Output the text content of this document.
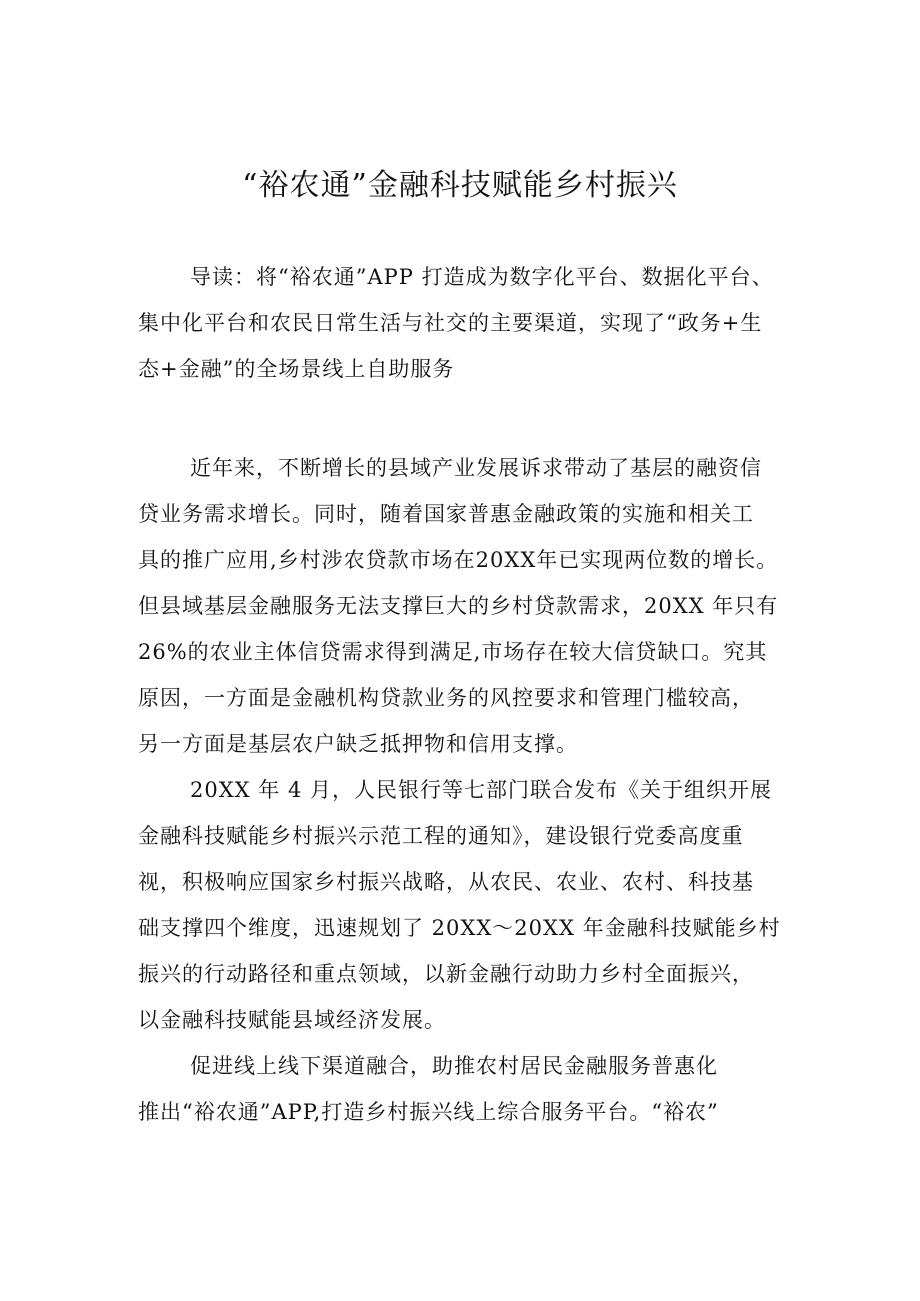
“裕农通”金融科技赋能乡村振兴
导读：将“裕农通”APP 打造成为数字化平台、数据化平台、
集中化平台和农民日常生活与社交的主要渠道，实现了“政务+生
态+金融”的全场景线上自助服务
近年来，不断增长的县域产业发展诉求带动了基层的融资信
贷业务需求增长。同时，随着国家普惠金融政策的实施和相关工
具的推广应用,乡村涉农贷款市场在20XX年已实现两位数的增长。
但县域基层金融服务无法支撑巨大的乡村贷款需求，20XX 年只有
26%的农业主体信贷需求得到满足,市场存在较大信贷缺口。究其
原因，一方面是金融机构贷款业务的风控要求和管理门槛较高，
另一方面是基层农户缺乏抵押物和信用支撑。
20XX 年 4 月，人民银行等七部门联合发布《关于组织开展
金融科技赋能乡村振兴示范工程的通知》，建设银行党委高度重
视，积极响应国家乡村振兴战略，从农民、农业、农村、科技基
础支撑四个维度，迅速规划了 20XX～20XX 年金融科技赋能乡村
振兴的行动路径和重点领域，以新金融行动助力乡村全面振兴，
以金融科技赋能县域经济发展。
促进线上线下渠道融合，助推农村居民金融服务普惠化
推出“裕农通”APP,打造乡村振兴线上综合服务平台。“裕农”
